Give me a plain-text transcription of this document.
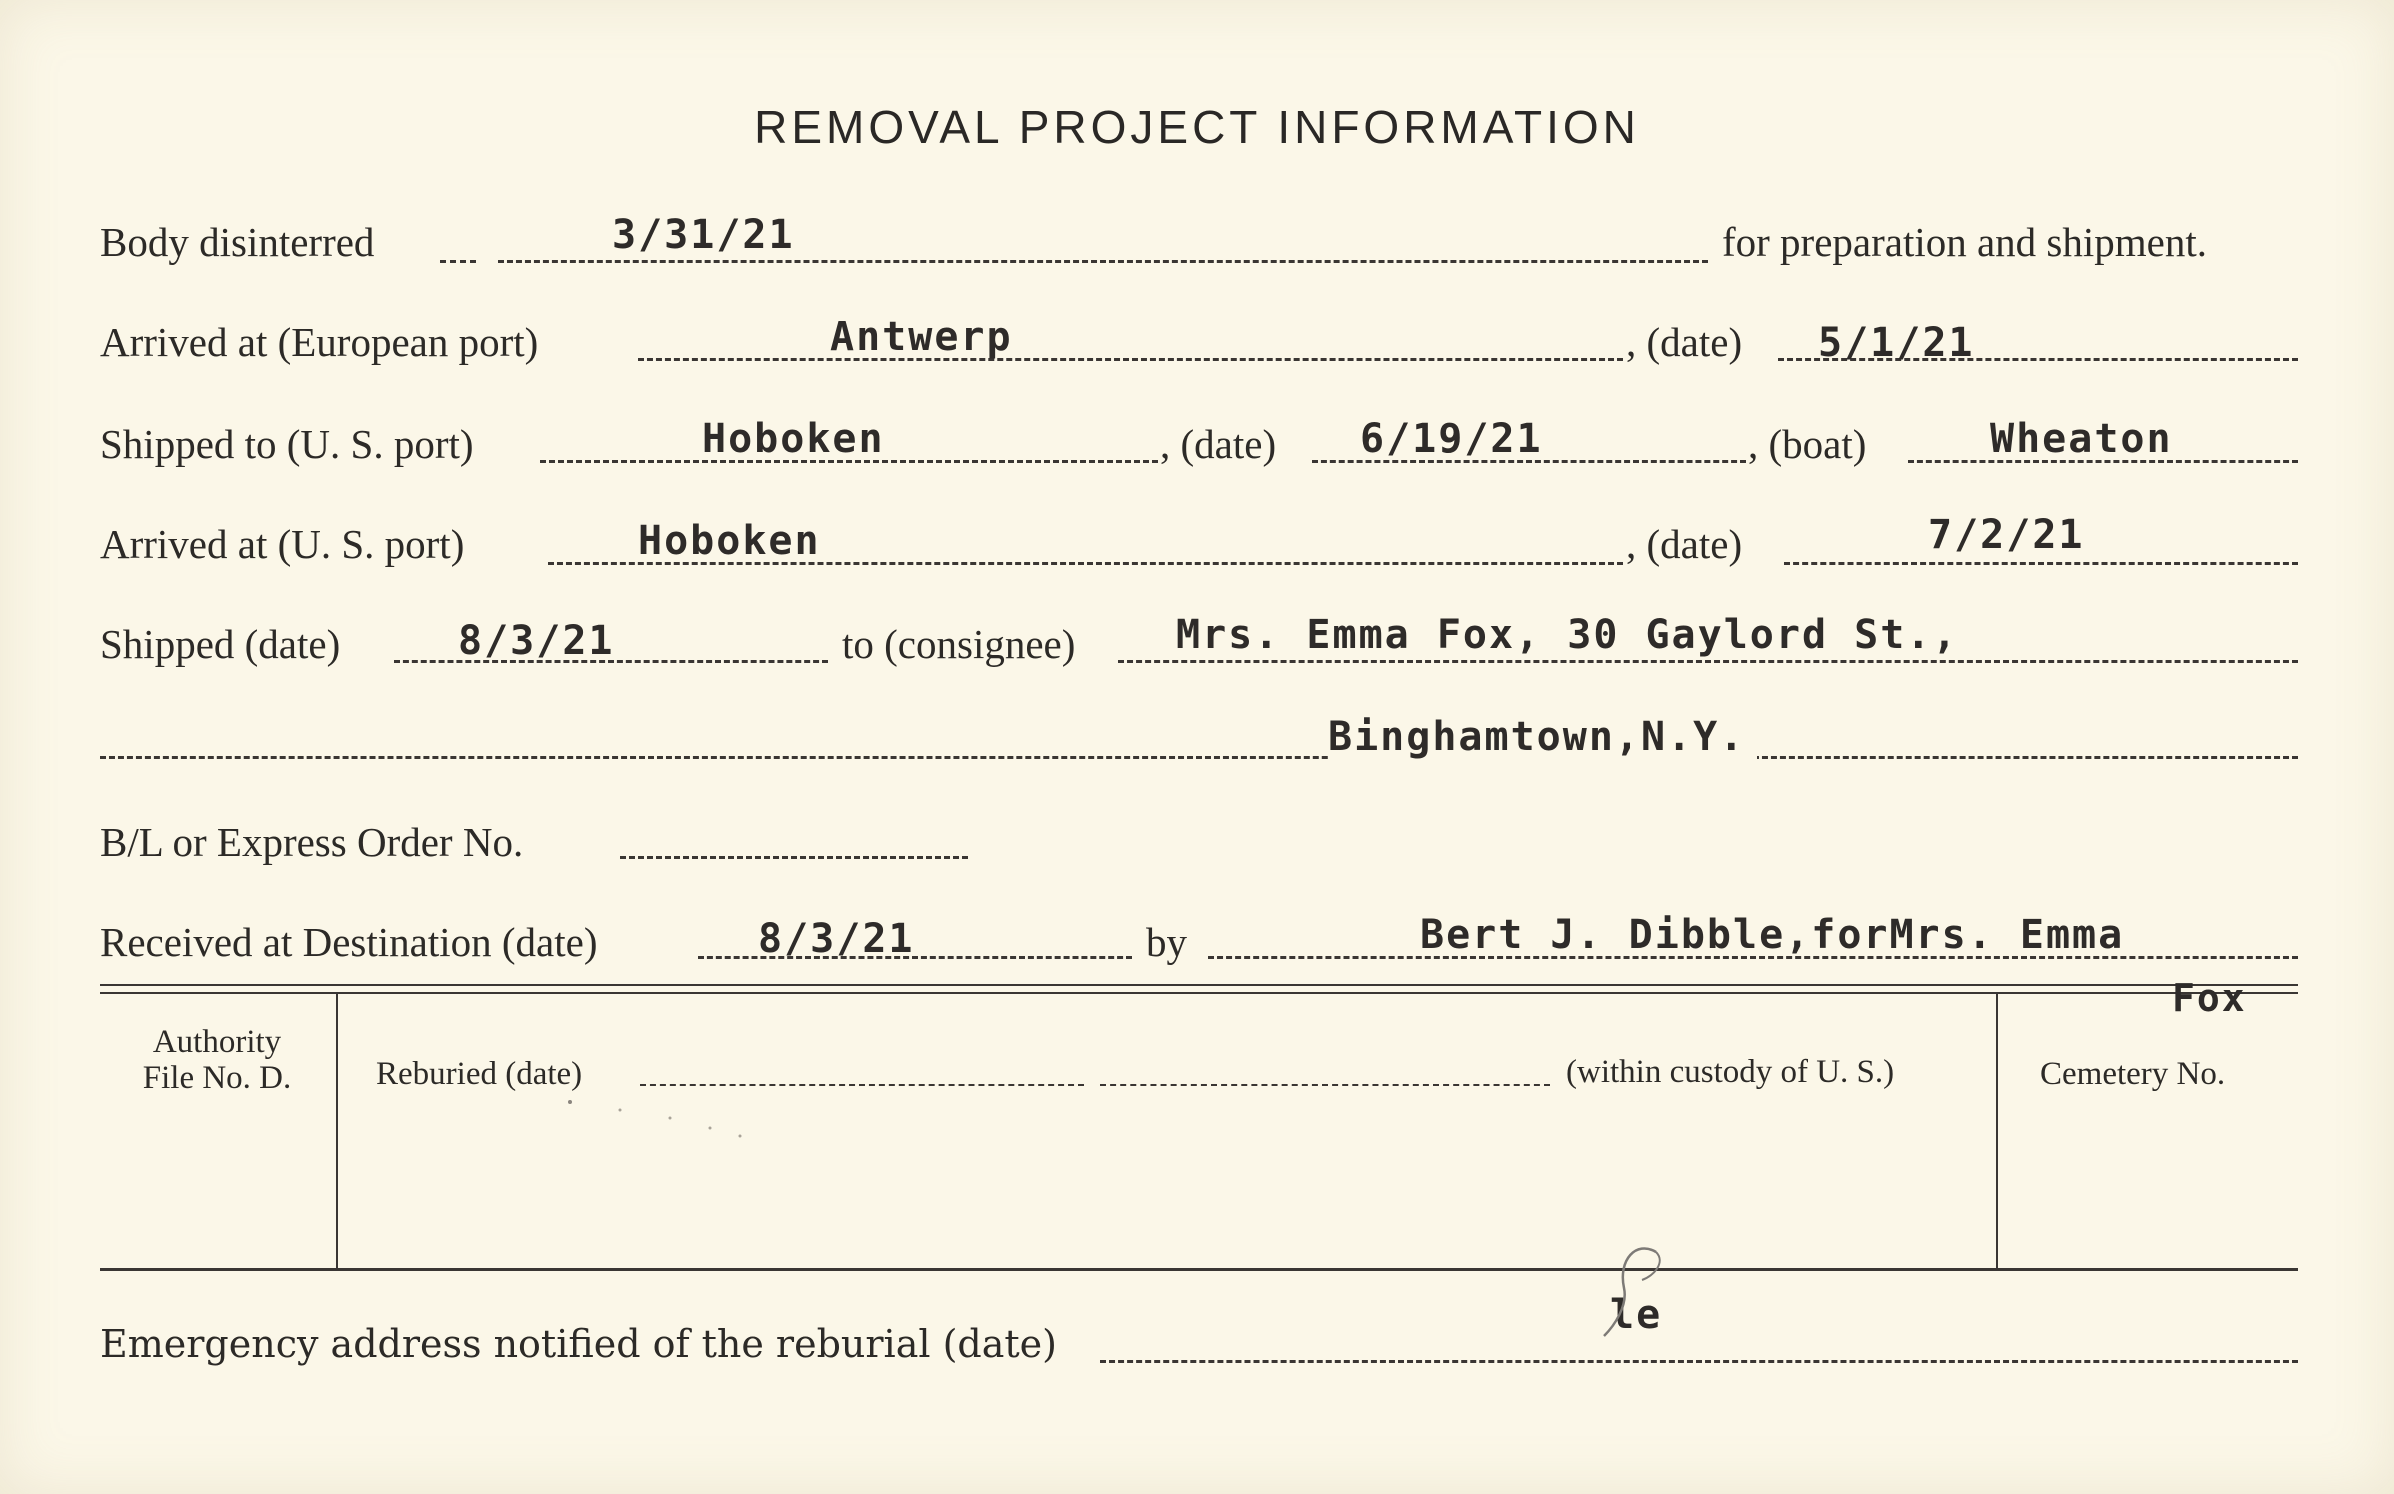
REMOVAL PROJECT INFORMATION
Body disinterred	3/31/21	for preparation and shipment.
Arrived at (European port)	Antwerp	, (date) 5/1/21
Shipped to (U. S. port)	Hoboken	, (date) 6/19/21	, (boat)	Wheaton
Arrived at (U. S. port)	Hoboken	, (date)	7/2/21
Shipped (date)	8/3/21	to (consignee)	Mrs. Emma Fox, 30 Gaylord St.,
Binghamtown,N.Y.
B/L or Express Order No.
Received at Destination (date)	8/3/21	by	Bert J. Dibble,forMrs. Emma
Fox
Authority
File No. D.	Reburied (date)	(within custody of U. S.)	Cemetery No.
Emergency address notified of the reburial (date)
le
